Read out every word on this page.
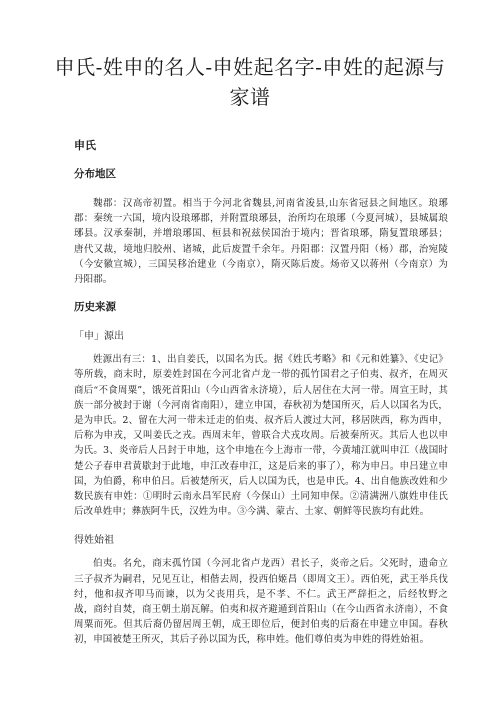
申氏-姓申的名人-申姓起名字-申姓的起源与家谱
申氏
分布地区

魏郡：汉高帝初置。相当于今河北省魏县,河南省浚县,山东省冠县之间地区。琅琊郡：秦统一六国，境内设琅琊郡，并附置琅琊县，治所均在琅琊（今夏河城），县城属琅琊县。汉承秦制，并增琅琊国、桓县和祝兹侯国治于境内；晋省琅琊，隋复置琅琊县；唐代又裁，境地归胶州、诸城，此后废置千余年。丹阳郡：汉置丹阳（杨）郡，治宛陵（今安徽宣城），三国吴移治建业（今南京），隋灭陈后废。炀帝又以蒋州（今南京）为丹阳郡。

历史来源
「申」源出

姓源出有三：1、出自姜氏，以国名为氏。据《姓氏考略》和《元和姓纂》、《史记》等所载，商末时，原姜姓封国在今河北省卢龙一带的孤竹国君之子伯夷、叔齐，在周灭商后“不食周粟”，饿死首阳山（今山西省永济境），后人居住在大河一带。周宣王时，其族一部分被封于谢（今河南省南阳），建立申国，春秋初为楚国所灭，后人以国名为氏，是为申氏。2、留在大河一带未迁走的伯夷、叔齐后人渡过大河，移居陕西，称为西申，后称为申戎，又叫姜氏之戎。西周末年，曾联合犬戎攻周。后被秦所灭。其后人也以申为氏。3、炎帝后人吕封于申地，这个申地在今上海市一带，今黄埔江就叫申江（战国时楚公子春申君黄歇封于此地，申江改春申江，这是后来的事了），称为申吕。申吕建立申国，为伯爵，称申伯吕。后被楚所灭，后人以国为氏，也是申氏。4、出自他族改姓和少数民族有申姓：①明时云南永昌军民府（今保山）土同知申保。②清满洲八旗姓申佳氏后改单姓申；彝族阿牛氏，汉姓为申。③今满、蒙古、土家、朝鲜等民族均有此姓。

得姓始祖

伯夷。名允，商末孤竹国（今河北省卢龙西）君长子，炎帝之后。父死时，遗命立三子叔齐为嗣君，兄见互让，相偕去周，投西伯姬昌（即周文王）。西伯死，武王举兵伐纣，他和叔齐叩马而谏，以为父丧用兵，是不孝、不仁。武王严辞拒之，后经牧野之战，商纣自焚，商王朝土崩瓦解。伯夷和叔齐避遁到首阳山（在今山西省永济南），不食周粟而死。但其后裔仍留居周王朝，成王即位后，便封伯夷的后裔在申建立申国。春秋初，申国被楚王所灭，其后子孙以国为氏，称申姓。他们尊伯夷为申姓的得姓始祖。
